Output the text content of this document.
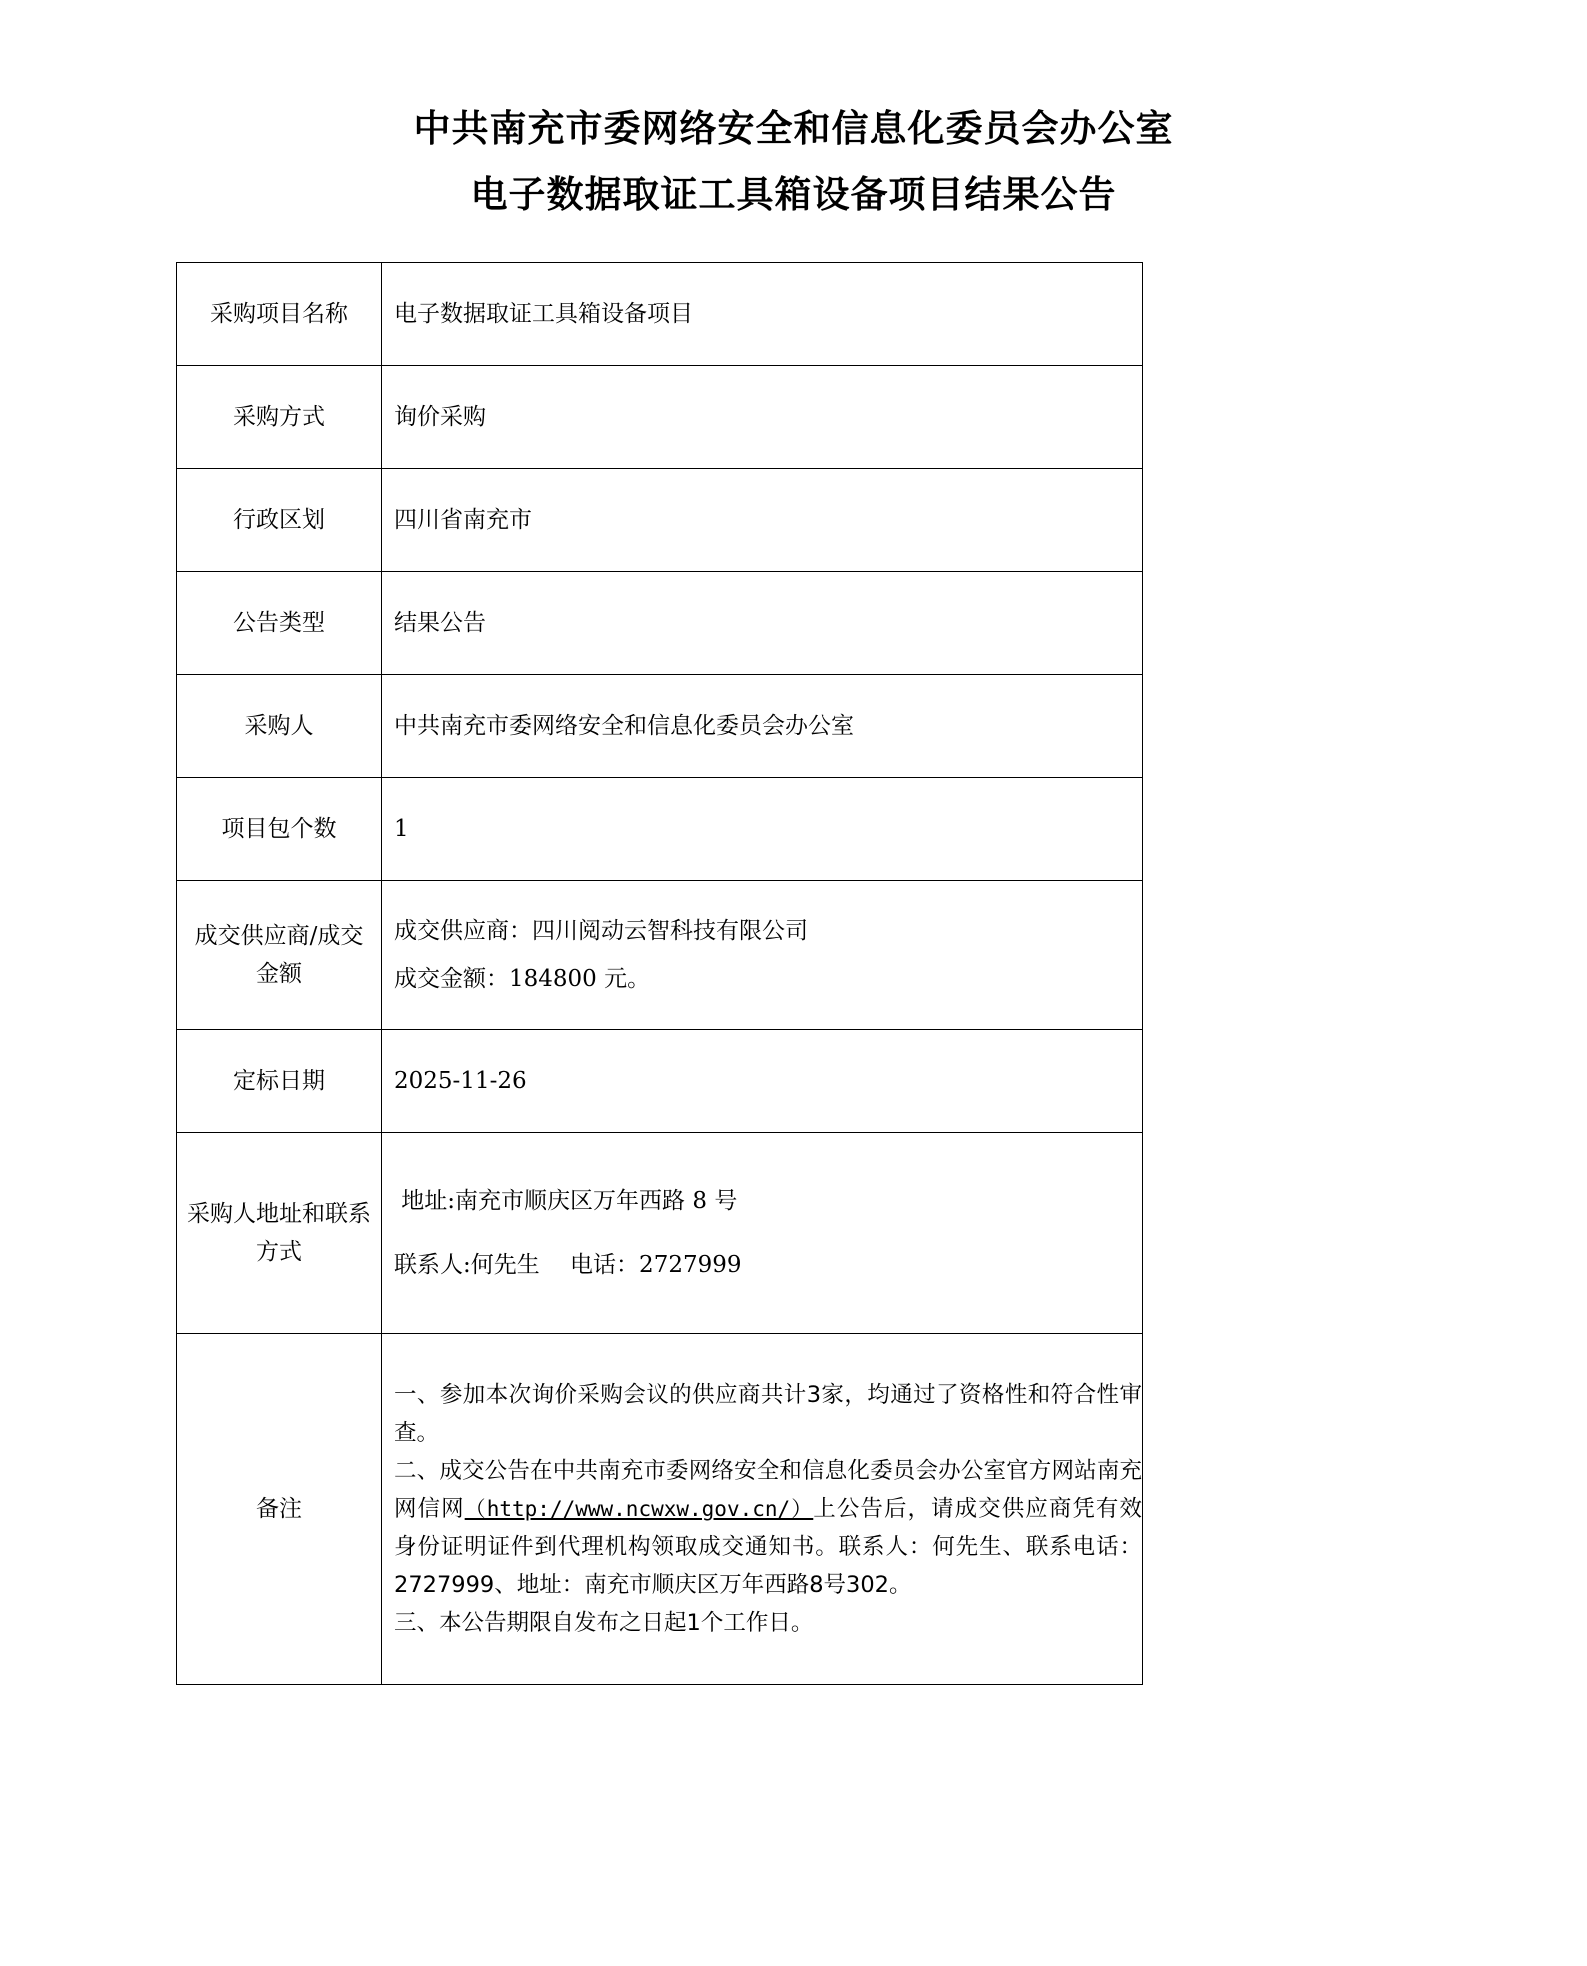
中共南充市委网络安全和信息化委员会办公室
电子数据取证工具箱设备项目结果公告
采购项目名称	电子数据取证工具箱设备项目
采购方式	询价采购
行政区划	四川省南充市
公告类型	结果公告
采购人	中共南充市委网络安全和信息化委员会办公室
项目包个数	1

成交供应商/成交
金额	成交供应商：四川阅动云智科技有限公司
成交金额：184800 元。

定标日期	2025-11-26

采购人地址和联系
方式	地址:南充市顺庆区万年西路 8 号
联系人:何先生　 电话：2727999

备注	一、参加本次询价采购会议的供应商共计3家，均通过了资格性和符合性审查。

二、成交公告在中共南充市委网络安全和信息化委员会办公室官方网站南充网信网（http://www.ncwxw.gov.cn/）上公告后，请成交供应商凭有效身份证明证件到代理机构领取成交通知书。联系人：何先生、联系电话：2727999、地址：南充市顺庆区万年西路8号302。

三、本公告期限自发布之日起1个工作日。
